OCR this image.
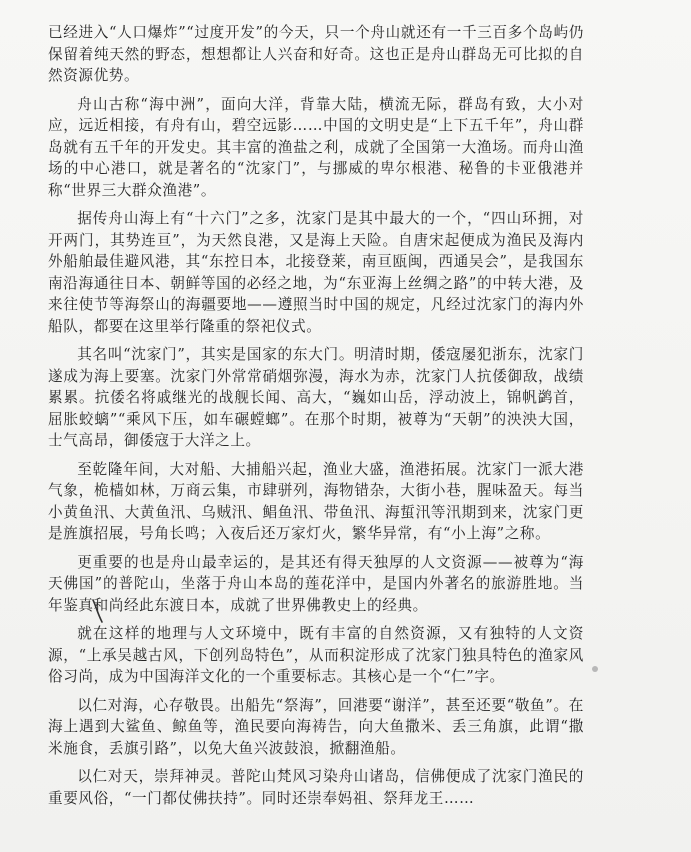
已经进入“人口爆炸”“过度开发”的今天，只一个舟山就还有一千三百多个岛屿仍保留着纯天然的野态，想想都让人兴奋和好奇。这也正是舟山群岛无可比拟的自然资源优势。

舟山古称“海中洲”，面向大洋，背靠大陆，横流无际，群岛有致，大小对应，远近相接，有舟有山，碧空远影……中国的文明史是“上下五千年”，舟山群岛就有五千年的开发史。其丰富的渔盐之利，成就了全国第一大渔场。而舟山渔场的中心港口，就是著名的“沈家门”，与挪威的卑尔根港、秘鲁的卡亚俄港并称“世界三大群众渔港”。

据传舟山海上有“十六门”之多，沈家门是其中最大的一个，“四山环拥，对开两门，其势连亘”，为天然良港，又是海上天险。自唐宋起便成为渔民及海内外船舶最佳避风港，其“东控日本，北接登莱，南亘瓯闽，西通吴会”，是我国东南沿海通往日本、朝鲜等国的必经之地，为“东亚海上丝绸之路”的中转大港，及来往使节等海祭山的海疆要地——遵照当时中国的规定，凡经过沈家门的海内外船队，都要在这里举行隆重的祭祀仪式。

其名叫“沈家门”，其实是国家的东大门。明清时期，倭寇屡犯浙东，沈家门遂成为海上要塞。沈家门外常常硝烟弥漫，海水为赤，沈家门人抗倭御敌，战绩累累。抗倭名将戚继光的战舰长闻、高大，“巍如山岳，浮动波上，锦帆鹢首，屈胀蛟螭”“乘风下压，如车碾螳螂”。在那个时期，被尊为“天朝”的泱泱大国，士气高昂，御倭寇于大洋之上。

至乾隆年间，大对船、大捕船兴起，渔业大盛，渔港拓展。沈家门一派大港气象，桅樯如林，万商云集，市肆骈列，海物错杂，大街小巷，腥味盈天。每当小黄鱼汛、大黄鱼汛、乌贼汛、鲳鱼汛、带鱼汛、海蜇汛等汛期到来，沈家门更是旌旗招展，号角长鸣；入夜后还万家灯火，繁华异常，有“小上海”之称。

更重要的也是舟山最幸运的，是其还有得天独厚的人文资源——被尊为“海天佛国”的普陀山，坐落于舟山本岛的莲花洋中，是国内外著名的旅游胜地。当年鉴真和尚经此东渡日本，成就了世界佛教史上的经典。

就在这样的地理与人文环境中，既有丰富的自然资源，又有独特的人文资源，“上承吴越古风，下创列岛特色”，从而积淀形成了沈家门独具特色的渔家风俗习尚，成为中国海洋文化的一个重要标志。其核心是一个“仁”字。

以仁对海，心存敬畏。出船先“祭海”，回港要“谢洋”，甚至还要“敬鱼”。在海上遇到大鲨鱼、鲸鱼等，渔民要向海祷告，向大鱼撒米、丢三角旗，此谓“撒米施食，丢旗引路”，以免大鱼兴波鼓浪，掀翻渔船。

以仁对天，崇拜神灵。普陀山梵风习染舟山诸岛，信佛便成了沈家门渔民的重要风俗，“一门都仗佛扶持”。同时还崇奉妈祖、祭拜龙王……
